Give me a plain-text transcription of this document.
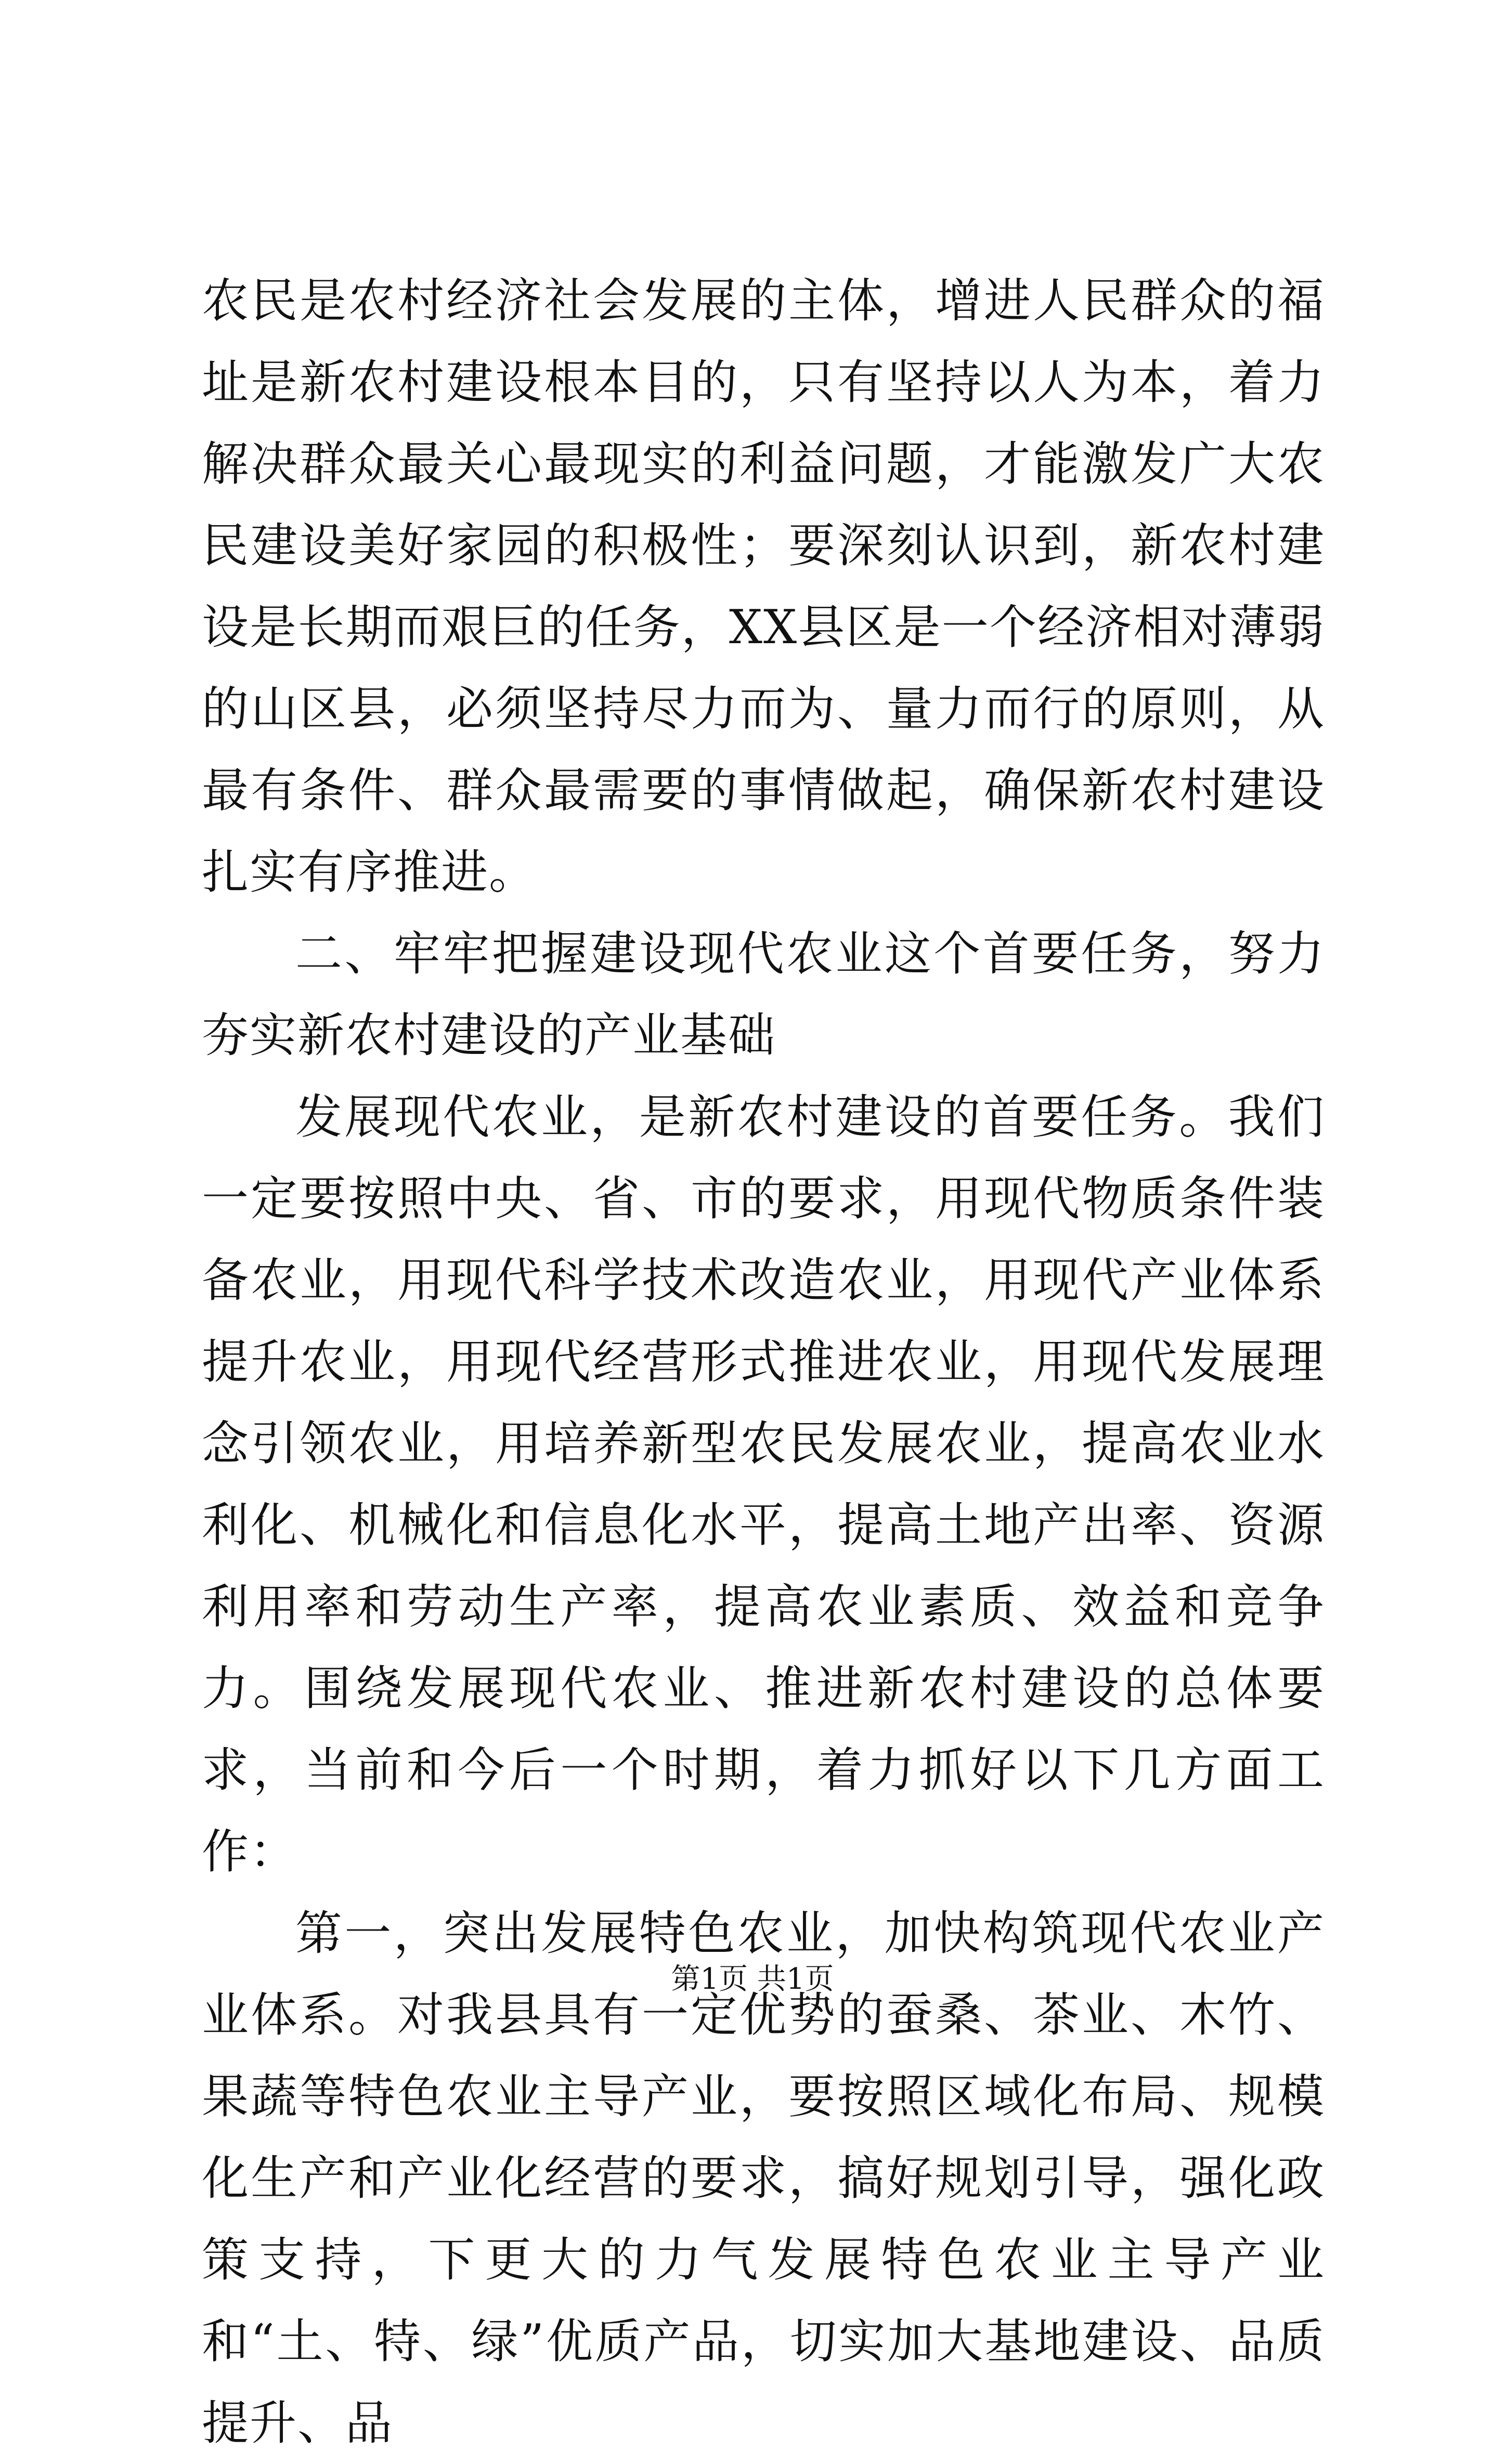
农民是农村经济社会发展的主体，增进人民群众的福址是新农村建设根本目的，只有坚持以人为本，着力解决群众最关心最现实的利益问题，才能激发广大农民建设美好家园的积极性；要深刻认识到，新农村建设是长期而艰巨的任务，XX县区是一个经济相对薄弱的山区县，必须坚持尽力而为、量力而行的原则，从最有条件、群众最需要的事情做起，确保新农村建设扎实有序推进。

二、牢牢把握建设现代农业这个首要任务，努力夯实新农村建设的产业基础

发展现代农业，是新农村建设的首要任务。我们一定要按照中央、省、市的要求，用现代物质条件装备农业，用现代科学技术改造农业，用现代产业体系提升农业，用现代经营形式推进农业，用现代发展理念引领农业，用培养新型农民发展农业，提高农业水利化、机械化和信息化水平，提高土地产出率、资源利用率和劳动生产率，提高农业素质、效益和竞争力。围绕发展现代农业、推进新农村建设的总体要求，当前和今后一个时期，着力抓好以下几方面工作：

第一，突出发展特色农业，加快构筑现代农业产业体系。对我县具有一定优势的蚕桑、茶业、木竹、果蔬等特色农业主导产业，要按照区域化布局、规模化生产和产业化经营的要求，搞好规划引导，强化政策支持，下更大的力气发展特色农业主导产业和“土、特、绿”优质产品，切实加大基地建设、品质提升、品

第1页 共1页
